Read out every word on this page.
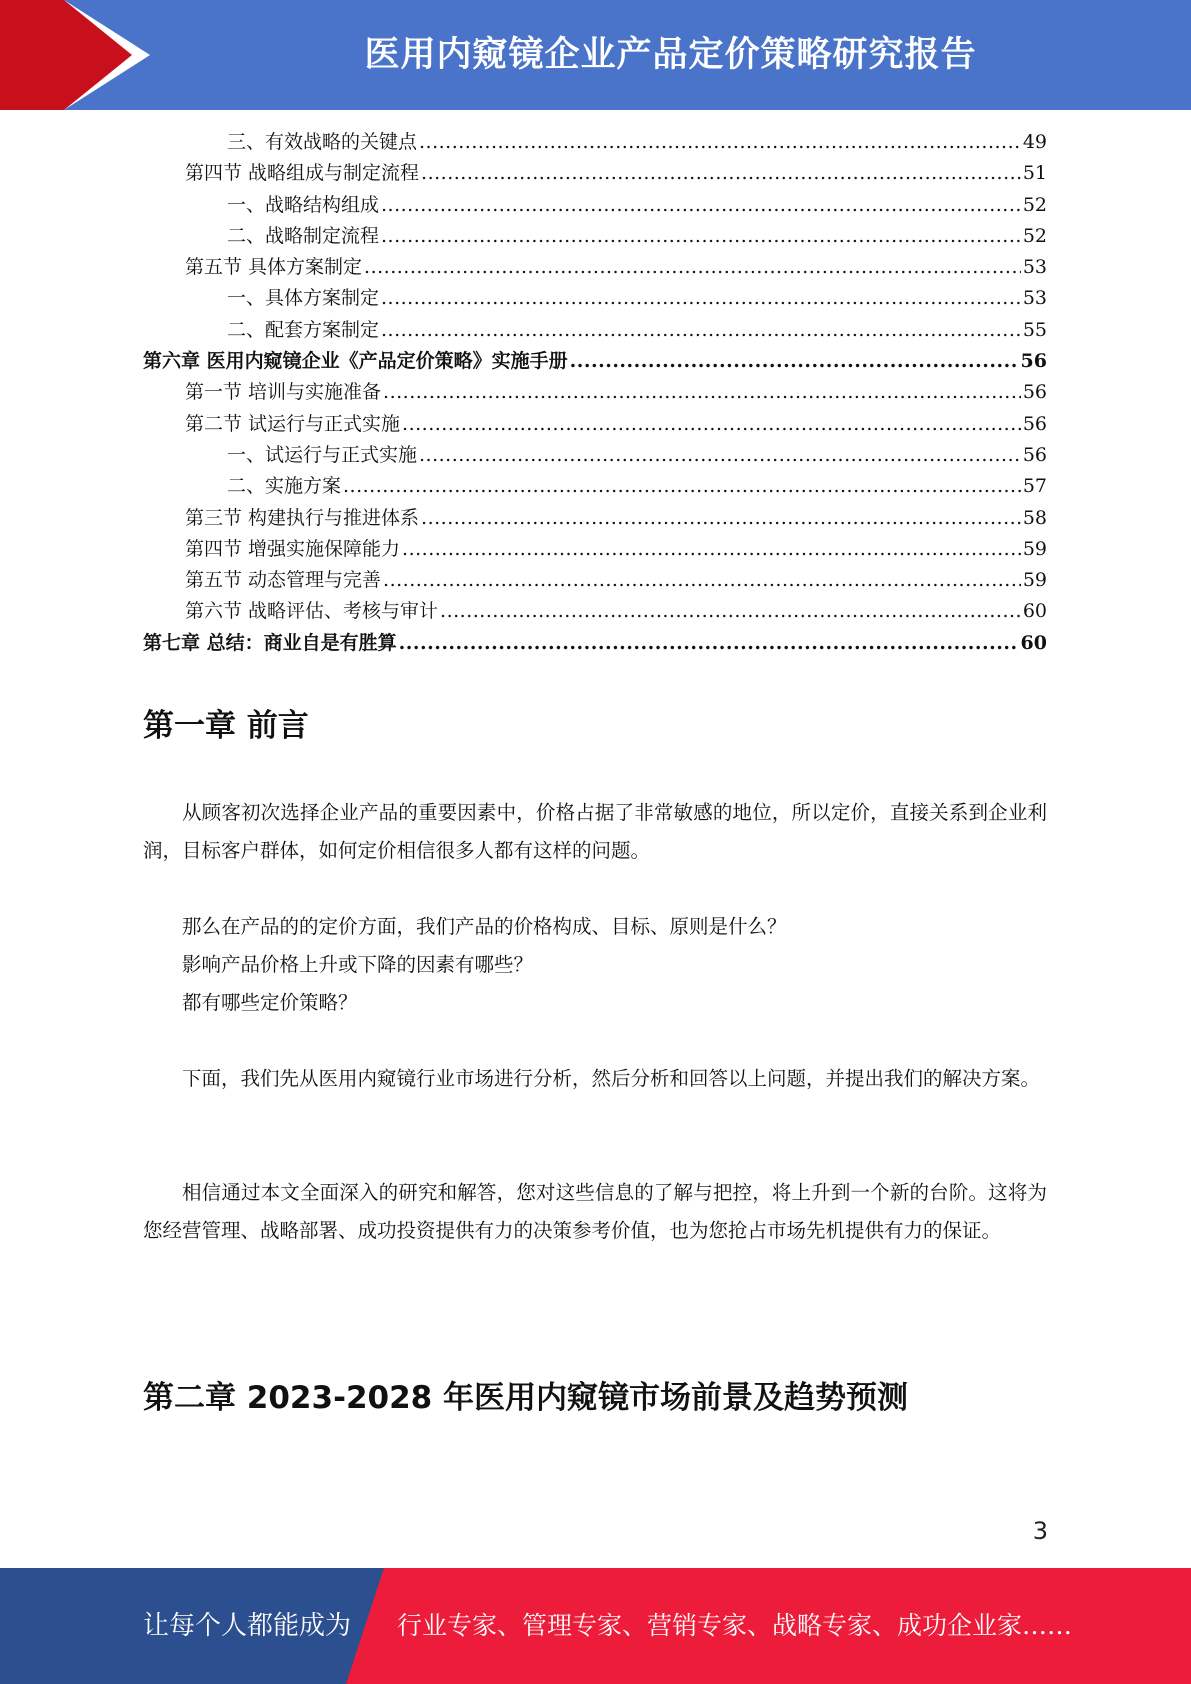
医用内窥镜企业产品定价策略研究报告
三、有效战略的关键点 .....	49
第四节 战略组成与制定流程 .....	51
一、战略结构组成 .....	52
二、战略制定流程 .....	52
第五节 具体方案制定 .....	53
一、具体方案制定 .....	53
二、配套方案制定 .....	55
第六章 医用内窥镜企业《产品定价策略》实施手册 .....	56
第一节 培训与实施准备 .....	56
第二节 试运行与正式实施 .....	56
一、试运行与正式实施 .....	56
二、实施方案 .....	57
第三节 构建执行与推进体系 .....	58
第四节 增强实施保障能力 .....	59
第五节 动态管理与完善 .....	59
第六节 战略评估、考核与审计 .....	60
第七章 总结：商业自是有胜算 .....	60
第一章 前言
从顾客初次选择企业产品的重要因素中，价格占据了非常敏感的地位，所以定价，直接关系到企业利润，目标客户群体，如何定价相信很多人都有这样的问题。
那么在产品的的定价方面，我们产品的价格构成、目标、原则是什么？
影响产品价格上升或下降的因素有哪些？
都有哪些定价策略？
下面，我们先从医用内窥镜行业市场进行分析，然后分析和回答以上问题，并提出我们的解决方案。
相信通过本文全面深入的研究和解答，您对这些信息的了解与把控，将上升到一个新的台阶。这将为您经营管理、战略部署、成功投资提供有力的决策参考价值，也为您抢占市场先机提供有力的保证。
第二章 2023-2028 年医用内窥镜市场前景及趋势预测
3
让每个人都能成为 行业专家、管理专家、营销专家、战略专家、成功企业家……
